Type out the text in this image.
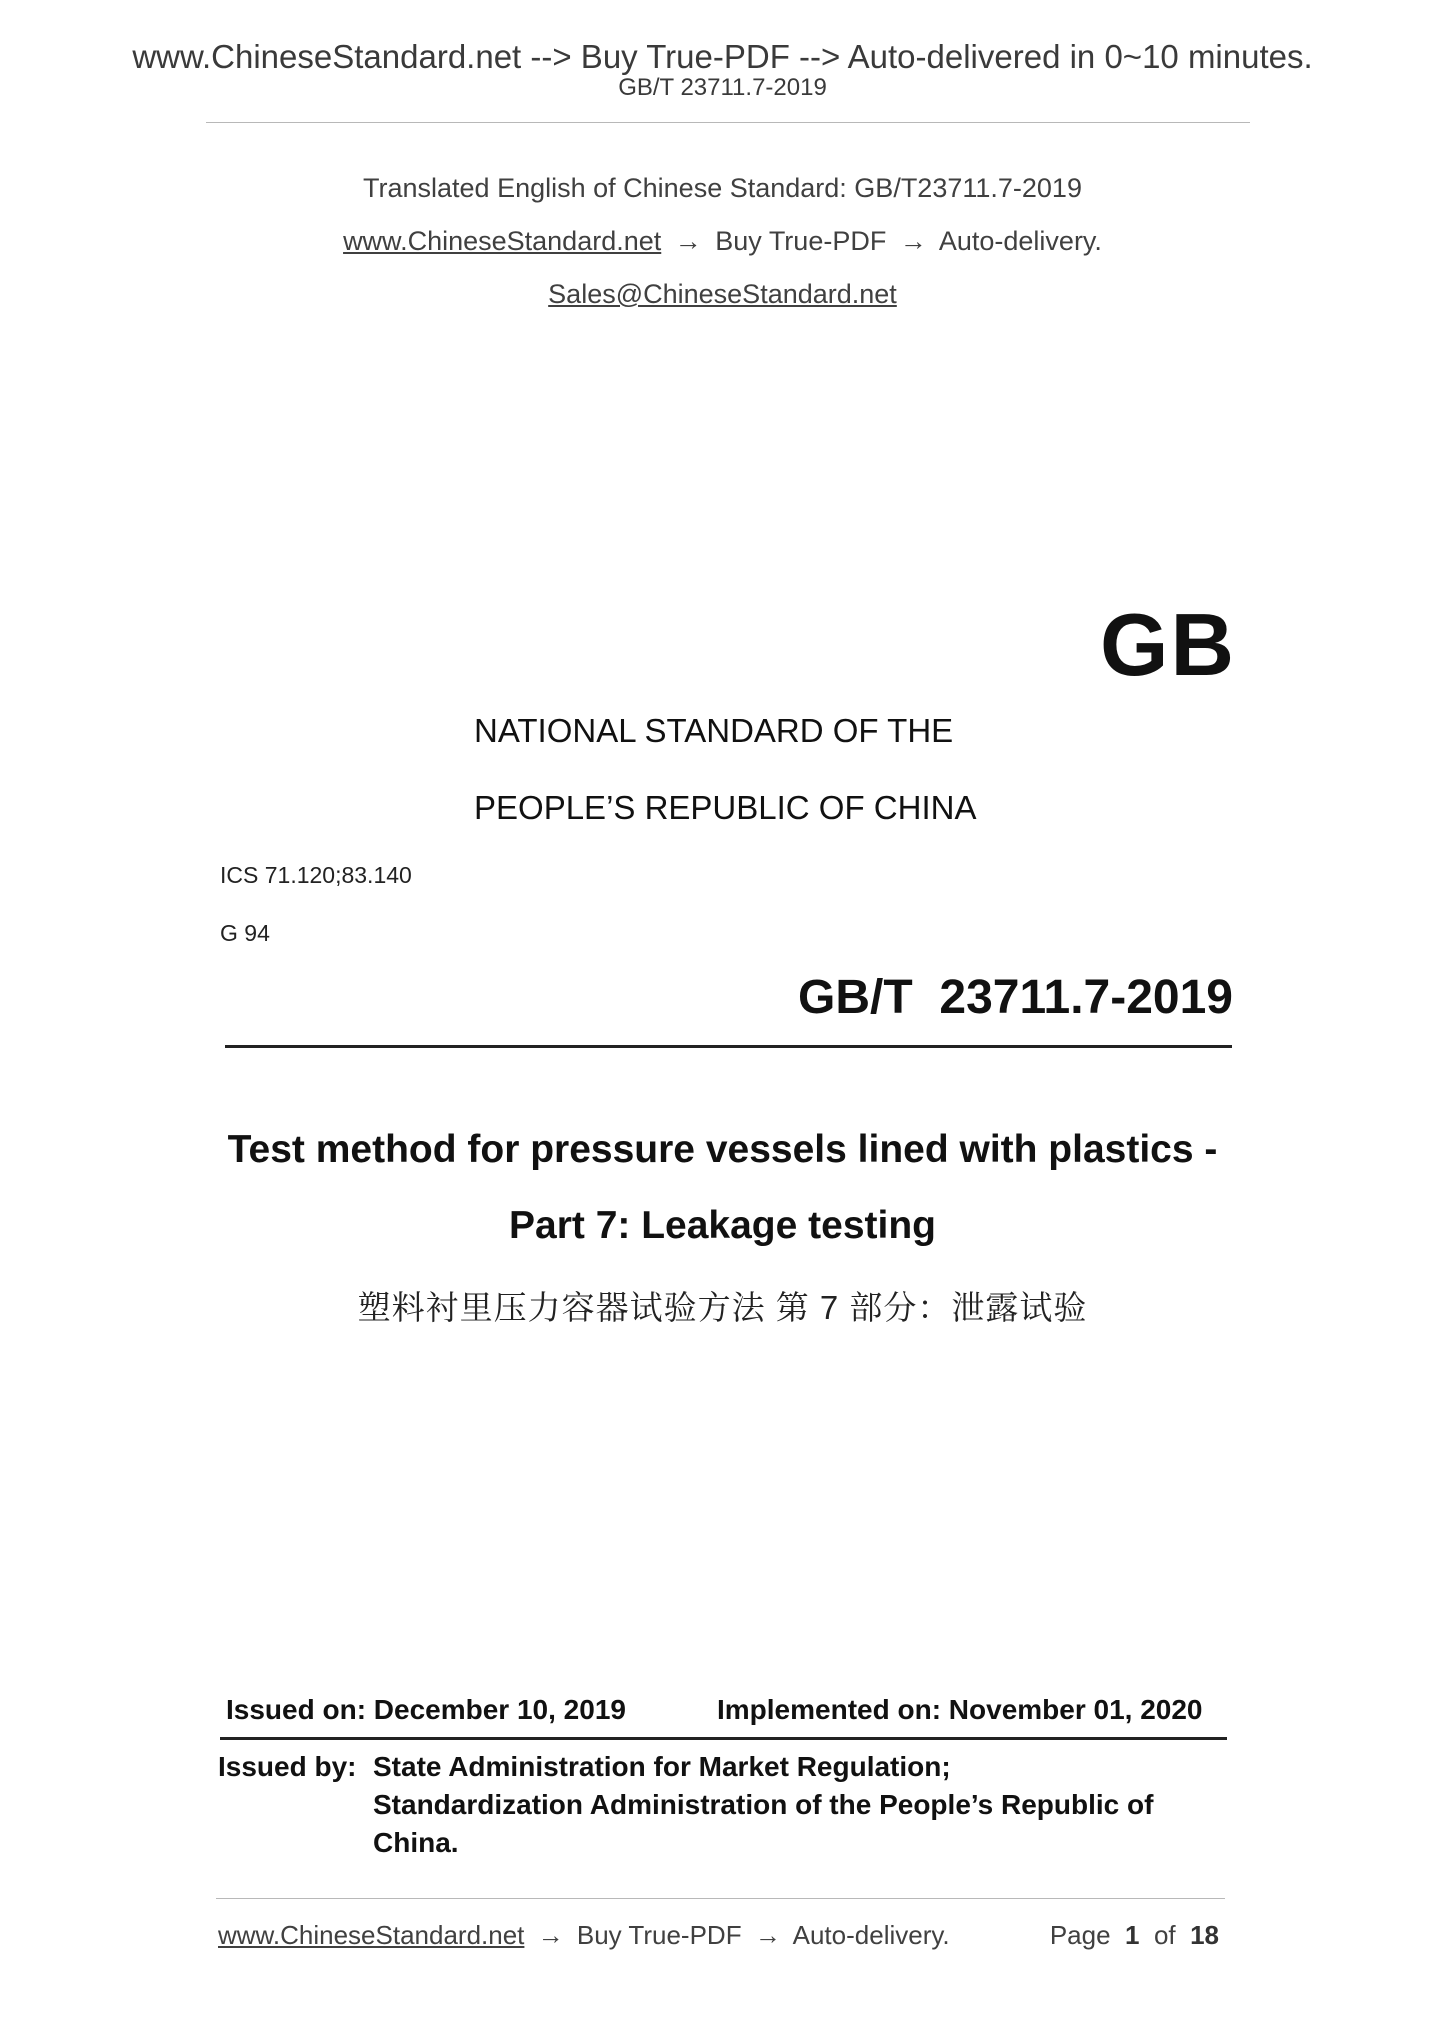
www.ChineseStandard.net --> Buy True-PDF --> Auto-delivered in 0~10 minutes.
GB/T 23711.7-2019
Translated English of Chinese Standard: GB/T23711.7-2019
www.ChineseStandard.net → Buy True-PDF → Auto-delivery.
Sales@ChineseStandard.net
GB
NATIONAL STANDARD OF THE
PEOPLE’S REPUBLIC OF CHINA
ICS 71.120;83.140
G 94
GB/T  23711.7-2019
Test method for pressure vessels lined with plastics -
Part 7: Leakage testing
塑料衬里压力容器试验方法 第 7 部分：泄露试验
Issued on: December 10, 2019	Implemented on: November 01, 2020
Issued by: State Administration for Market Regulation;
Standardization Administration of the People’s Republic of
China.
www.ChineseStandard.net → Buy True-PDF → Auto-delivery.	Page 1 of 18
